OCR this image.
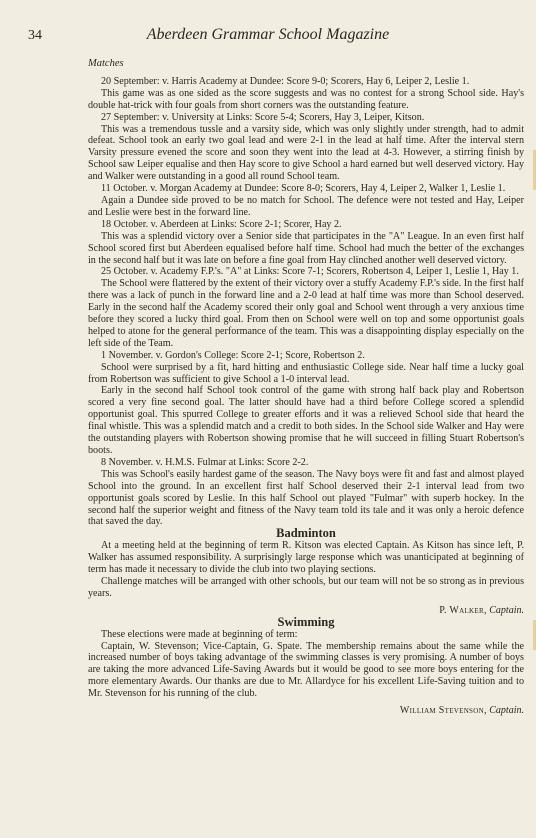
34	Aberdeen Grammar School Magazine
Matches

20 September: v. Harris Academy at Dundee: Score 9-0; Scorers, Hay 6, Leiper 2, Leslie 1.

This game was as one sided as the score suggests and was no contest for a strong School side. Hay's double hat-trick with four goals from short corners was the outstanding feature.

27 September: v. University at Links: Score 5-4; Scorers, Hay 3, Leiper, Kitson.

This was a tremendous tussle and a varsity side, which was only slightly under strength, had to admit defeat. School took an early two goal lead and were 2-1 in the lead at half time. After the interval stern Varsity pressure evened the score and soon they went into the lead at 4-3. However, a stirring finish by School saw Leiper equalise and then Hay score to give School a hard earned but well deserved victory. Hay and Walker were outstanding in a good all round School team.

11 October. v. Morgan Academy at Dundee: Score 8-0; Scorers, Hay 4, Leiper 2, Walker 1, Leslie 1.

Again a Dundee side proved to be no match for School. The defence were not tested and Hay, Leiper and Leslie were best in the forward line.

18 October. v. Aberdeen at Links: Score 2-1; Scorer, Hay 2.

This was a splendid victory over a Senior side that participates in the "A" League. In an even first half School scored first but Aberdeen equalised before half time. School had much the better of the exchanges in the second half but it was late on before a fine goal from Hay clinched another well deserved victory.

25 October. v. Academy F.P.'s. "A" at Links: Score 7-1; Scorers, Robertson 4, Leiper 1, Leslie 1, Hay 1.

The School were flattered by the extent of their victory over a stuffy Academy F.P.'s side. In the first half there was a lack of punch in the forward line and a 2-0 lead at half time was more than School deserved. Early in the second half the Academy scored their only goal and School went through a very anxious time before they scored a lucky third goal. From then on School were well on top and some opportunist goals helped to atone for the general performance of the team. This was a disappointing display especially on the left side of the Team.

1 November. v. Gordon's College: Score 2-1; Score, Robertson 2.

School were surprised by a fit, hard hitting and enthusiastic College side. Near half time a lucky goal from Robertson was sufficient to give School a 1-0 interval lead.

Early in the second half School took control of the game with strong half back play and Robertson scored a very fine second goal. The latter should have had a third before College scored a splendid opportunist goal. This spurred College to greater efforts and it was a relieved School side that heard the final whistle. This was a splendid match and a credit to both sides. In the School side Walker and Hay were the outstanding players with Robertson showing promise that he will succeed in filling Stuart Robertson's boots.

8 November. v. H.M.S. Fulmar at Links: Score 2-2.

This was School's easily hardest game of the season. The Navy boys were fit and fast and almost played School into the ground. In an excellent first half School deserved their 2-1 interval lead from two opportunist goals scored by Leslie. In this half School out played "Fulmar" with superb hockey. In the second half the superior weight and fitness of the Navy team told its tale and it was only a heroic defence that saved the day.

Badminton

At a meeting held at the beginning of term R. Kitson was elected Captain. As Kitson has since left, P. Walker has assumed responsibility. A surprisingly large response which was unanticipated at beginning of term has made it necessary to divide the club into two playing sections.

Challenge matches will be arranged with other schools, but our team will not be so strong as in previous years.

P. Walker, Captain.

Swimming

These elections were made at beginning of term:

Captain, W. Stevenson; Vice-Captain, G. Spate. The membership remains about the same while the increased number of boys taking advantage of the swimming classes is very promising. A number of boys are taking the more advanced Life-Saving Awards but it would be good to see more boys entering for the more elementary Awards. Our thanks are due to Mr. Allardyce for his excellent Life-Saving tuition and to Mr. Stevenson for his running of the club.

William Stevenson, Captain.
